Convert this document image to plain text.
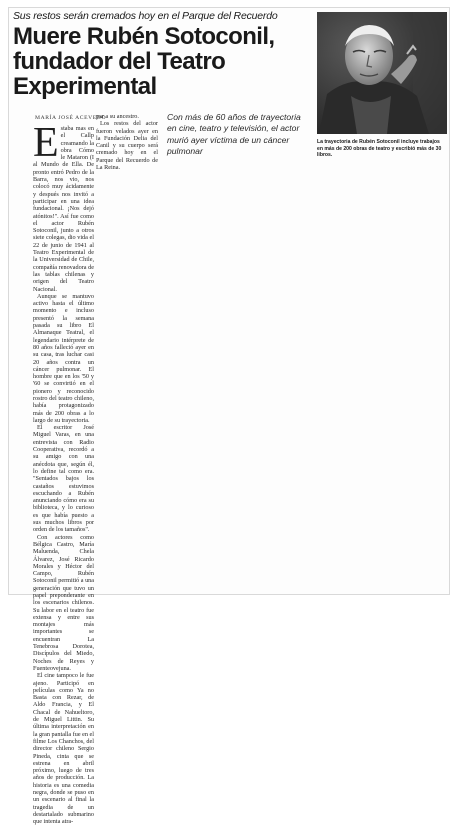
Sus restos serán cremados hoy en el Parque del Recuerdo
Muere Rubén Sotoconil, fundador del Teatro Experimental
MARÍA JOSÉ ACEVEDO	Con más de 60 años de trayectoria en cine, teatro y televisión, el actor murió ayer víctima de un cáncer pulmonar
La trayectoria de Rubén Sotoconil incluye trabajos en más de 200 obras de teatro y escribió más de 30 libros.

Estaba mas en el Callp creamando la obra Cómo le Mataron (I al Mundo de Ella. De pronto entró Pedro de la Barra, nos vio, nos colocó muy ácidamente y después nos invitó a participar en una idea fundacional. ¡Nos dejó atónitos!". Así fue como el actor Rubén Sotoconil, junto a otros siete colegas, dio vida el 22 de junio de 1941 al Teatro Experimental de la Universidad de Chile, compañía renovadora de las tablas chilenas y origen del Teatro Nacional.

Aunque se mantuvo activo hasta el último momento e incluso presentó la semana pasada su libro El Almanaque Teatral, el legendario intérprete de 80 años falleció ayer en su casa, tras luchar casi 20 años contra un cáncer pulmonar. El hombre que en los '50 y '60 se convirtió en el pionero y reconocido rostro del teatro chileno, había protagonizado más de 200 obras a lo largo de su trayectoria.

El escritor José Miguel Varas, en una entrevista con Radio Cooperativa, recordó a su amigo con una anécdota que, según él, lo define tal como era. "Sentados bajos los castaños estuvimos escuchando a Rubén anunciando cómo era su biblioteca, y lo curioso es que había puesto a sus muchos libros por orden de los tamaños".

Con actores como Bélgica Castro, María Maluenda, Chela Álvarez, José Ricardo Morales y Héctor del Campo, Rubén Sotoconil permitió a una generación que tuvo un papel preponderante en los escenarios chilenos. Su labor en el teatro fue extensa y entre sus montajes más importantes se encuentran La Tenebrosa Dorotea, Discípulos del Miedo, Noches de Reyes y Fuenteovejuna.

El cine tampoco le fue ajeno. Participó en películas como Ya no Basta con Rezar, de Aldo Francia, y El Chacal de Nahueltoro, de Miguel Littin. Su última interpretación en la gran pantalla fue en el filme Los Chanchos, del director chileno Sergio Pineda, cinta que se estrena en abril próximo, luego de tres años de producción. La historia es una comedia negra, donde se puso en un escenario al final la tragedia de un destartalado submarino que intenta atra-

par a su ancestro.

Los restos del actor fueron velados ayer en la Fundación Delia del Canil y su cuerpo será cremado hoy en el Parque del Recuerdo de La Reina.
